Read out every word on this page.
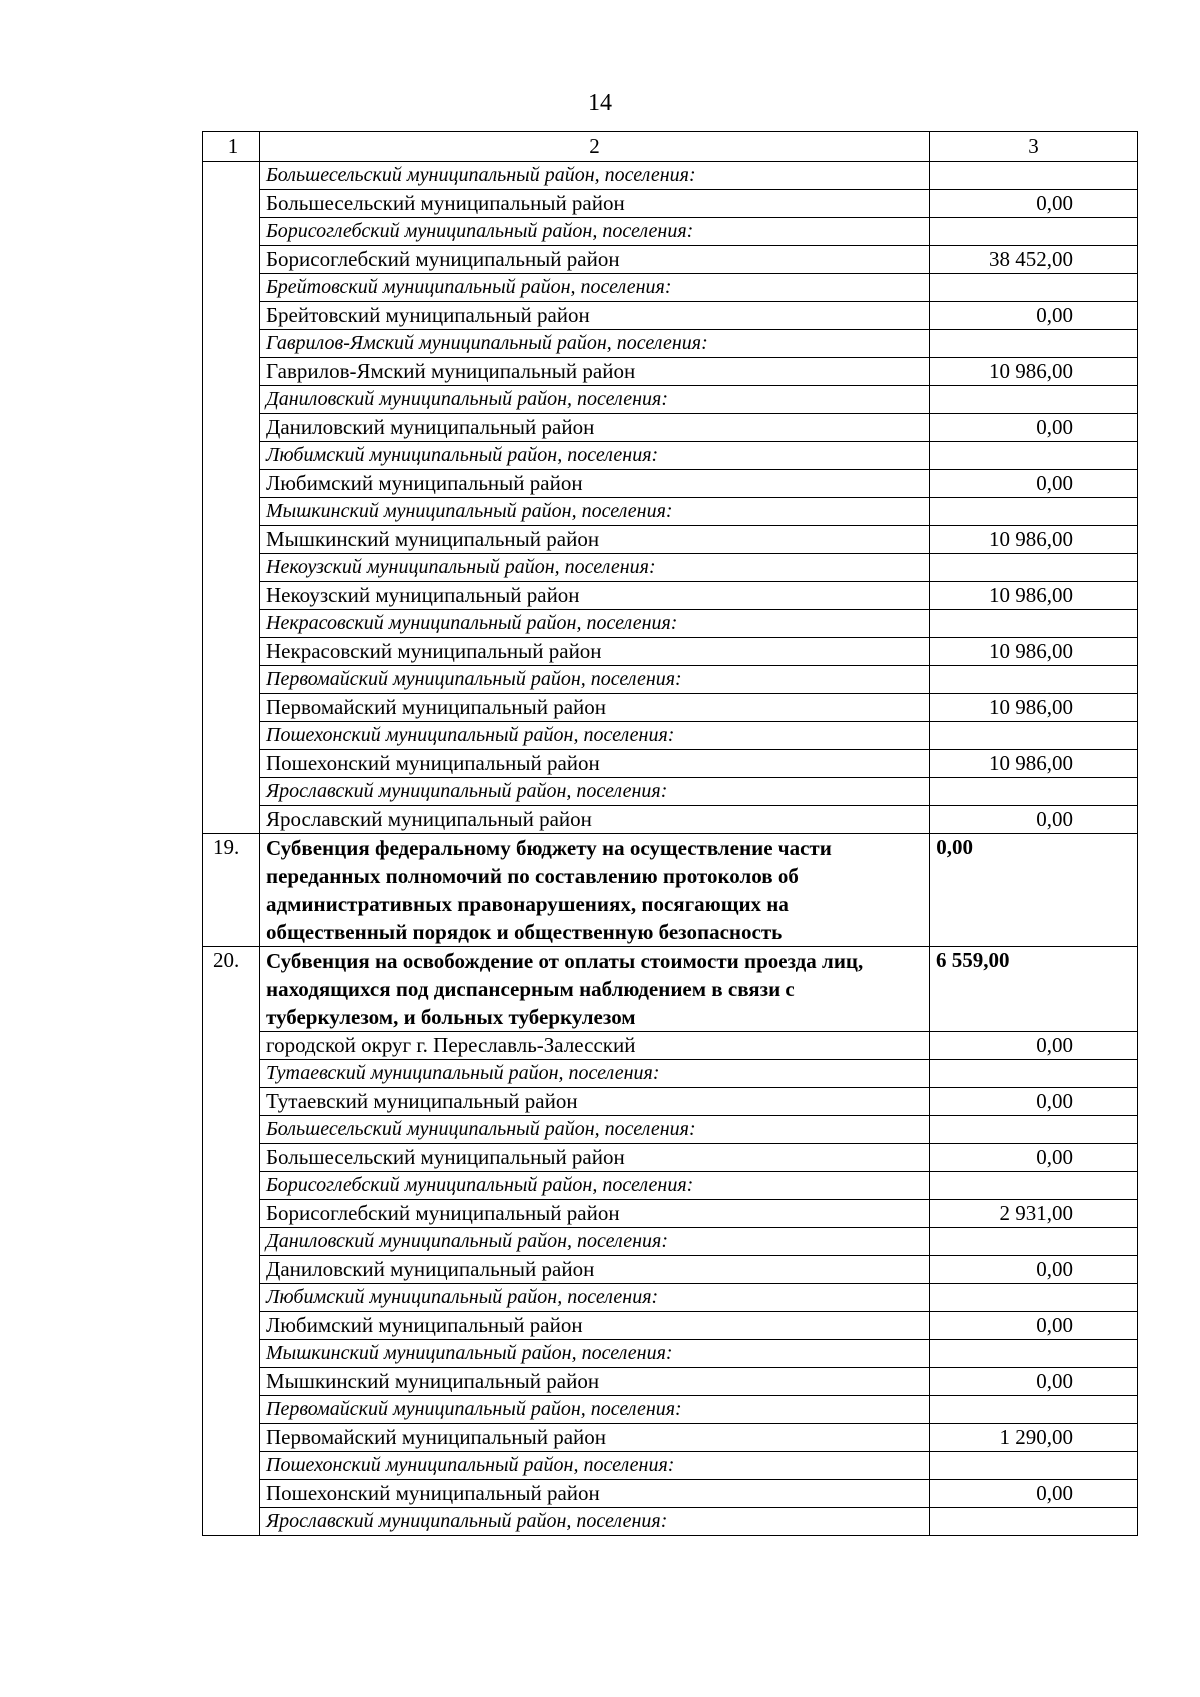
14
1	2	3
	Большесельский муниципальный район, поселения:	
	Большесельский муниципальный район	0,00
	Борисоглебский муниципальный район, поселения:	
	Борисоглебский муниципальный район	38 452,00
	Брейтовский муниципальный район, поселения:	
	Брейтовский муниципальный район	0,00
	Гаврилов-Ямский муниципальный район, поселения:	
	Гаврилов-Ямский муниципальный район	10 986,00
	Даниловский муниципальный район, поселения:	
	Даниловский муниципальный район	0,00
	Любимский муниципальный район, поселения:	
	Любимский муниципальный район	0,00
	Мышкинский муниципальный район, поселения:	
	Мышкинский муниципальный район	10 986,00
	Некоузский муниципальный район, поселения:	
	Некоузский муниципальный район	10 986,00
	Некрасовский муниципальный район, поселения:	
	Некрасовский муниципальный район	10 986,00
	Первомайский муниципальный район, поселения:	
	Первомайский муниципальный район	10 986,00
	Пошехонский муниципальный район, поселения:	
	Пошехонский муниципальный район	10 986,00
	Ярославский муниципальный район, поселения:	
	Ярославский муниципальный район	0,00
19.	Субвенция федеральному бюджету на осуществление части переданных полномочий по составлению протоколов об административных правонарушениях, посягающих на общественный порядок и общественную безопасность	0,00
20.	Субвенция на освобождение от оплаты стоимости проезда лиц, находящихся под диспансерным наблюдением в связи с туберкулезом, и больных туберкулезом	6 559,00
	городской округ г. Переславль-Залесский	0,00
	Тутаевский муниципальный район, поселения:	
	Тутаевский муниципальный район	0,00
	Большесельский муниципальный район, поселения:	
	Большесельский муниципальный район	0,00
	Борисоглебский муниципальный район, поселения:	
	Борисоглебский муниципальный район	2 931,00
	Даниловский муниципальный район, поселения:	
	Даниловский муниципальный район	0,00
	Любимский муниципальный район, поселения:	
	Любимский муниципальный район	0,00
	Мышкинский муниципальный район, поселения:	
	Мышкинский муниципальный район	0,00
	Первомайский муниципальный район, поселения:	
	Первомайский муниципальный район	1 290,00
	Пошехонский муниципальный район, поселения:	
	Пошехонский муниципальный район	0,00
	Ярославский муниципальный район, поселения:	
